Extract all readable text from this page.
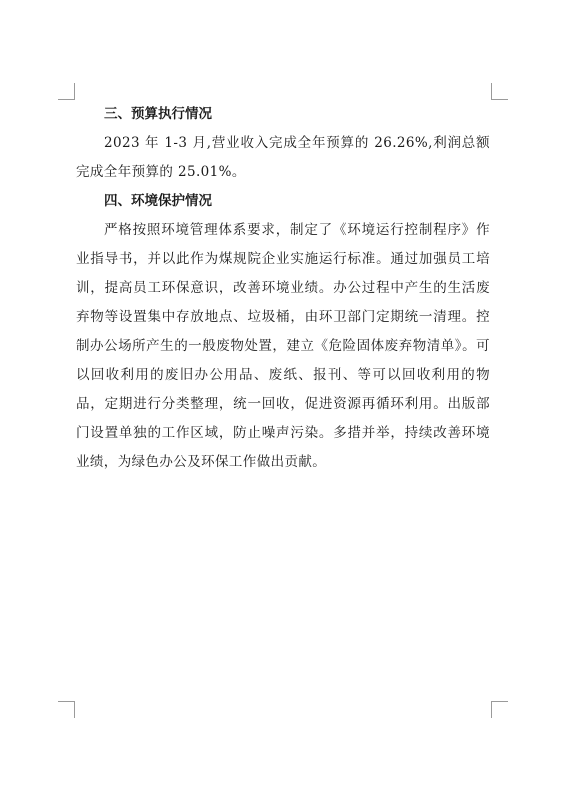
三、预算执行情况

2023 年 1-3 月,营业收入完成全年预算的 26.26%,利润总额完成全年预算的 25.01%。

四、环境保护情况

严格按照环境管理体系要求，制定了《环境运行控制程序》作业指导书，并以此作为煤规院企业实施运行标准。通过加强员工培训，提高员工环保意识，改善环境业绩。办公过程中产生的生活废弃物等设置集中存放地点、垃圾桶，由环卫部门定期统一清理。控制办公场所产生的一般废物处置，建立《危险固体废弃物清单》。可以回收利用的废旧办公用品、废纸、报刊、等可以回收利用的物品，定期进行分类整理，统一回收，促进资源再循环利用。出版部门设置单独的工作区域，防止噪声污染。多措并举，持续改善环境业绩，为绿色办公及环保工作做出贡献。
